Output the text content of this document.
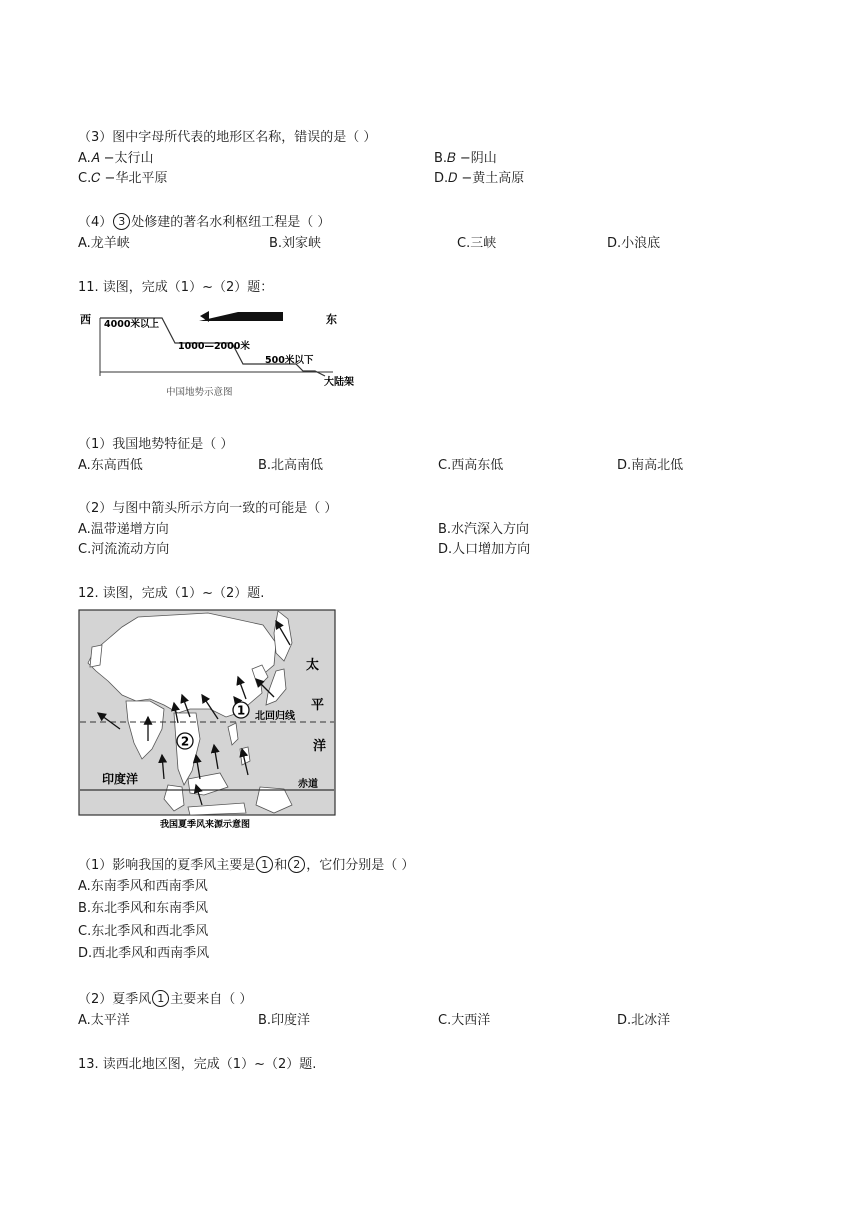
（3）图中字母所代表的地形区名称，错误的是（ ）
A.𝐴 −太行山	B.𝐵 −阴山
C.𝐶 −华北平原	D.𝐷 −黄土高原
（4） 3 处修建的著名水利枢纽工程是（ ）
A.龙羊峡	B.刘家峡	C.三峡	D.小浪底
11. 读图，完成（1）~（2）题：
西	东
4000米以上
1000—2000米
500米以下
大陆架
中国地势示意图
（1）我国地势特征是（ ）
A.东高西低	B.北高南低	C.西高东低	D.南高北低
（2）与图中箭头所示方向一致的可能是（ ）
A.温带递增方向	B.水汽深入方向
C.河流流动方向	D.人口增加方向
12. 读图，完成（1）~（2）题.
1
2
太
平
洋
北回归线
印度洋	赤道
我国夏季风来源示意图
（1）影响我国的夏季风主要是 1 和 2 ，它们分别是（ ）
A.东南季风和西南季风
B.东北季风和东南季风
C.东北季风和西北季风
D.西北季风和西南季风
（2）夏季风 1 主要来自（ ）
A.太平洋	B.印度洋	C.大西洋	D.北冰洋
13. 读西北地区图，完成（1）~（2）题.
